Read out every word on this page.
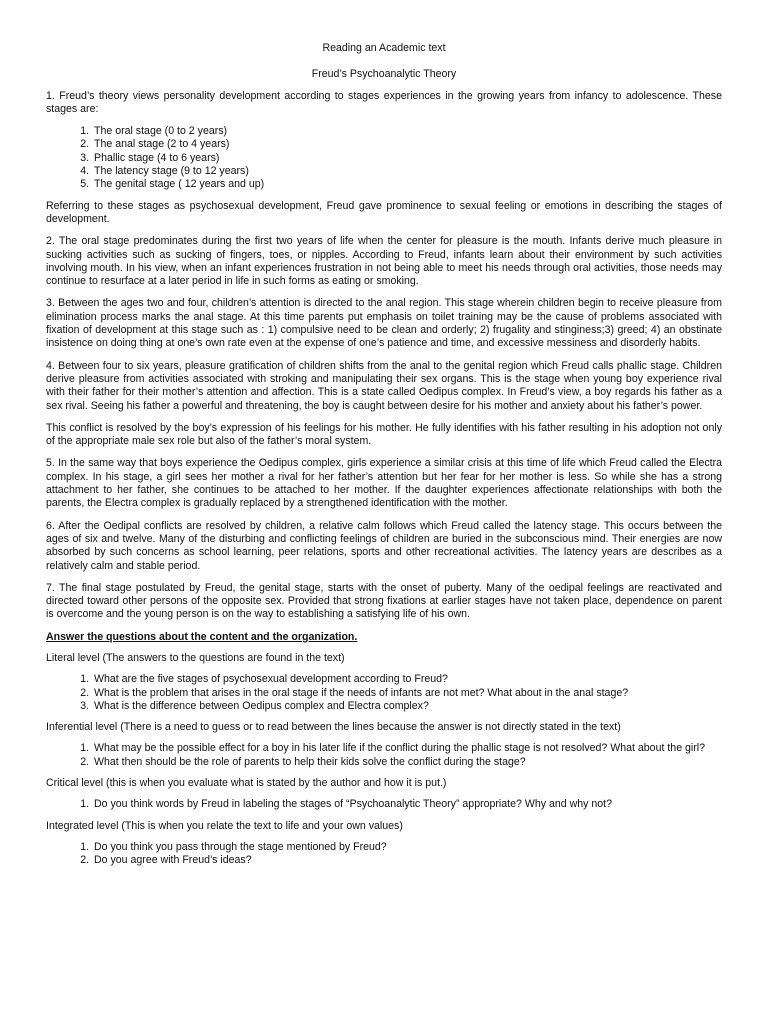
Reading an Academic text
Freud’s Psychoanalytic Theory

1. Freud’s theory views personality development according to stages experiences in the growing years from infancy to adolescence. These stages are:

1. The oral stage (0 to 2 years)
2. The anal stage (2 to 4 years)
3. Phallic stage (4 to 6 years)
4. The latency stage (9 to 12 years)
5. The genital stage ( 12 years and up)

Referring to these stages as psychosexual development, Freud gave prominence to sexual feeling or emotions in describing the stages of development.

2. The oral stage predominates during the first two years of life when the center for pleasure is the mouth. Infants derive much pleasure in sucking activities such as sucking of fingers, toes, or nipples. According to Freud, infants learn about their environment by such activities involving mouth. In his view, when an infant experiences frustration in not being able to meet his needs through oral activities, those needs may continue to resurface at a later period in life in such forms as eating or smoking.

3. Between the ages two and four, children’s attention is directed to the anal region. This stage wherein children begin to receive pleasure from elimination process marks the anal stage. At this time parents put emphasis on toilet training may be the cause of problems associated with fixation of development at this stage such as : 1) compulsive need to be clean and orderly; 2) frugality and stinginess;3) greed; 4) an obstinate insistence on doing thing at one’s own rate even at the expense of one’s patience and time, and excessive messiness and disorderly habits.

4. Between four to six years, pleasure gratification of children shifts from the anal to the genital region which Freud calls phallic stage. Children derive pleasure from activities associated with stroking and manipulating their sex organs. This is the stage when young boy experience rival with their father for their mother’s attention and affection. This is a state called Oedipus complex. In Freud’s view, a boy regards his father as a sex rival. Seeing his father a powerful and threatening, the boy is caught between desire for his mother and anxiety about his father’s power.

This conflict is resolved by the boy’s expression of his feelings for his mother. He fully identifies with his father resulting in his adoption not only of the appropriate male sex role but also of the father’s moral system.

5. In the same way that boys experience the Oedipus complex, girls experience a similar crisis at this time of life which Freud called the Electra complex. In his stage, a girl sees her mother a rival for her father’s attention but her fear for her mother is less. So while she has a strong attachment to her father, she continues to be attached to her mother. If the daughter experiences affectionate relationships with both the parents, the Electra complex is gradually replaced by a strengthened identification with the mother.

6. After the Oedipal conflicts are resolved by children, a relative calm follows which Freud called the latency stage. This occurs between the ages of six and twelve. Many of the disturbing and conflicting feelings of children are buried in the subconscious mind. Their energies are now absorbed by such concerns as school learning, peer relations, sports and other recreational activities. The latency years are describes as a relatively calm and stable period.

7. The final stage postulated by Freud, the genital stage, starts with the onset of puberty. Many of the oedipal feelings are reactivated and directed toward other persons of the opposite sex. Provided that strong fixations at earlier stages have not taken place, dependence on parent is overcome and the young person is on the way to establishing a satisfying life of his own.

Answer the questions about the content and the organization.
Literal level (The answers to the questions are found in the text)
1. What are the five stages of psychosexual development according to Freud?
2. What is the problem that arises in the oral stage if the needs of infants are not met? What about in the anal stage?
3. What is the difference between Oedipus complex and Electra complex?
Inferential level (There is a need to guess or to read between the lines because the answer is not directly stated in the text)
1. What may be the possible effect for a boy in his later life if the conflict during the phallic stage is not resolved? What about the girl?
2. What then should be the role of parents to help their kids solve the conflict during the stage?
Critical level (this is when you evaluate what is stated by the author and how it is put.)
1. Do you think words by Freud in labeling the stages of “Psychoanalytic Theory” appropriate? Why and why not?
Integrated level (This is when you relate the text to life and your own values)
1. Do you think you pass through the stage mentioned by Freud?
2. Do you agree with Freud’s ideas?
